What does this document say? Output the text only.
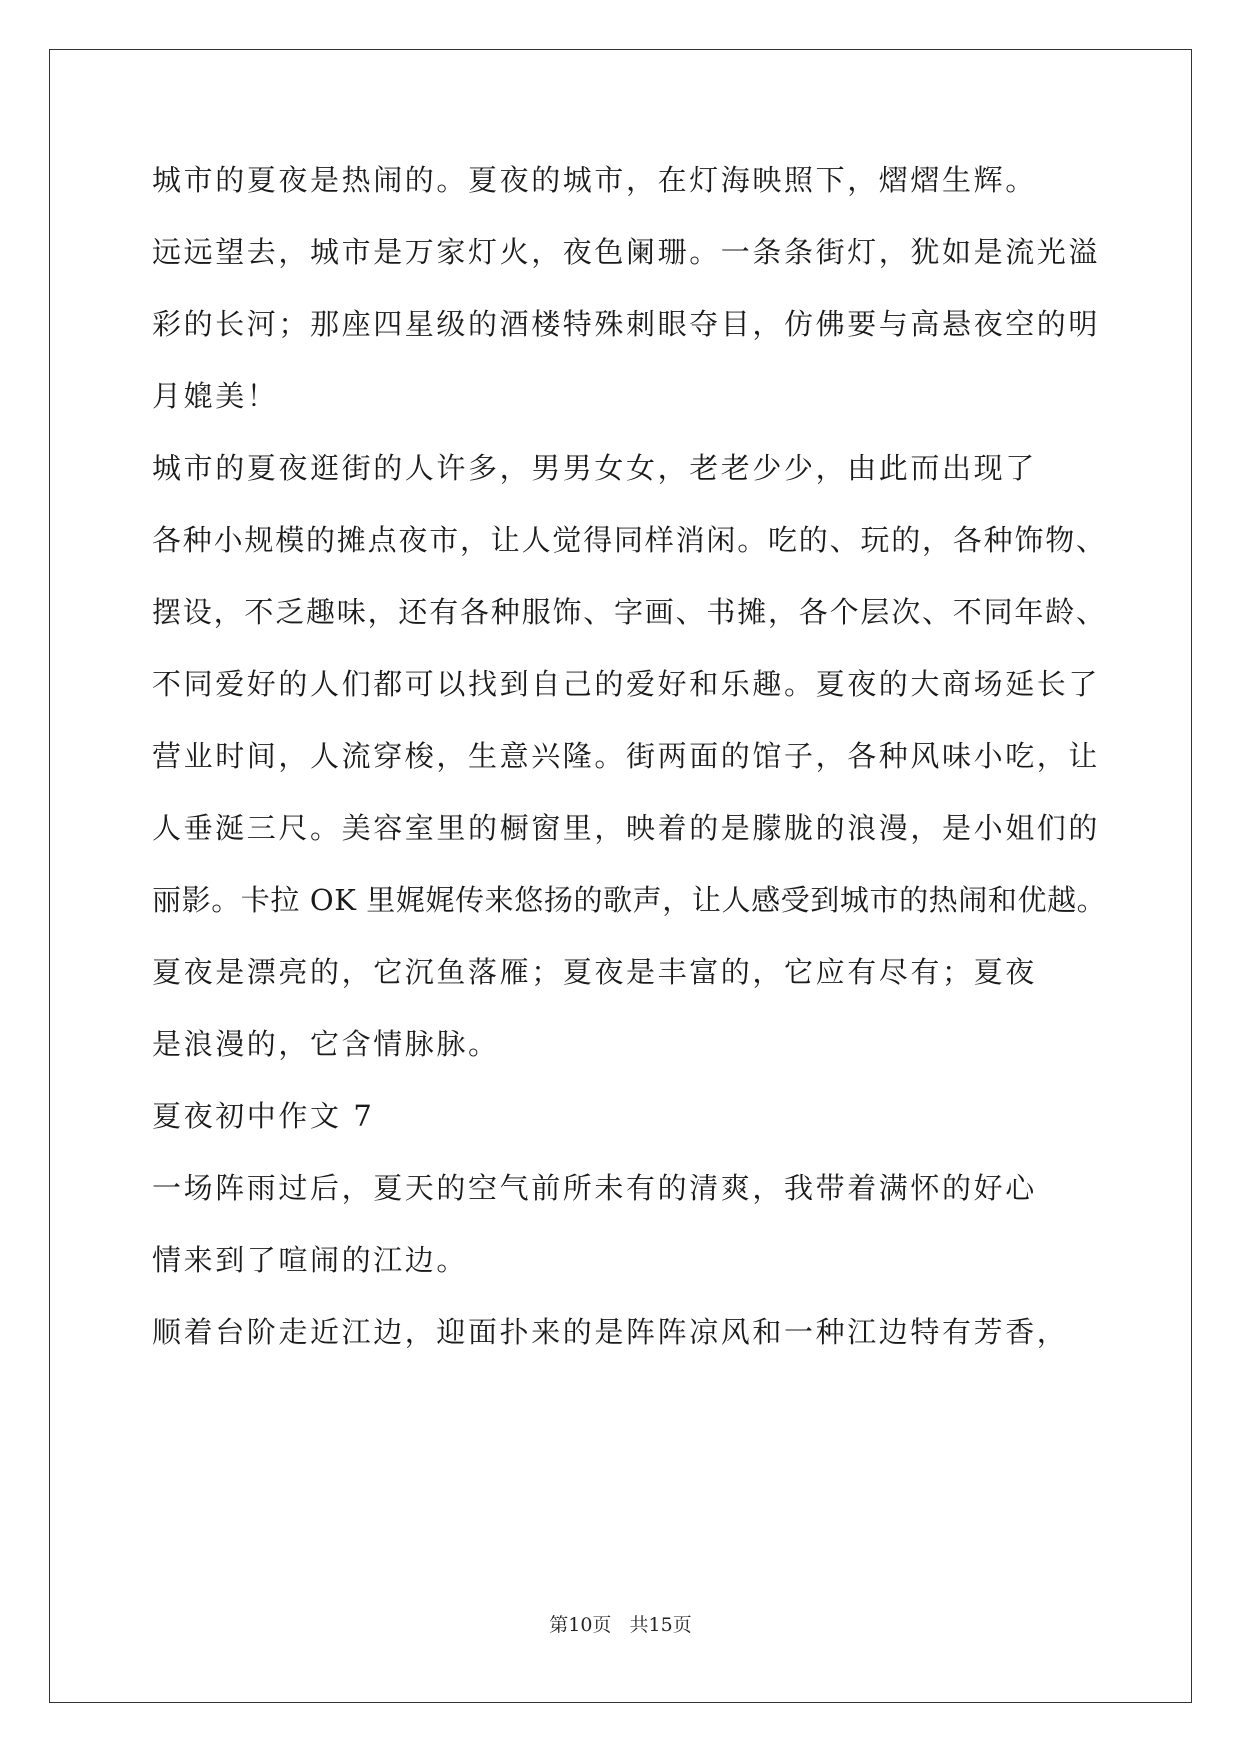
城市的夏夜是热闹的。夏夜的城市，在灯海映照下，熠熠生辉。
远远望去，城市是万家灯火，夜色阑珊。一条条街灯，犹如是流光溢
彩的长河；那座四星级的酒楼特殊刺眼夺目，仿佛要与高悬夜空的明
月媲美！
城市的夏夜逛街的人许多，男男女女，老老少少，由此而出现了
各种小规模的摊点夜市，让人觉得同样消闲。吃的、玩的，各种饰物、
摆设，不乏趣味，还有各种服饰、字画、书摊，各个层次、不同年龄、
不同爱好的人们都可以找到自己的爱好和乐趣。夏夜的大商场延长了
营业时间，人流穿梭，生意兴隆。街两面的馆子，各种风味小吃，让
人垂涎三尺。美容室里的橱窗里，映着的是朦胧的浪漫，是小姐们的
丽影。卡拉 OK 里娓娓传来悠扬的歌声，让人感受到城市的热闹和优越。
夏夜是漂亮的，它沉鱼落雁；夏夜是丰富的，它应有尽有；夏夜
是浪漫的，它含情脉脉。
夏夜初中作文 7
一场阵雨过后，夏天的空气前所未有的清爽，我带着满怀的好心
情来到了喧闹的江边。
顺着台阶走近江边，迎面扑来的是阵阵凉风和一种江边特有芳香，
第10页   共15页
